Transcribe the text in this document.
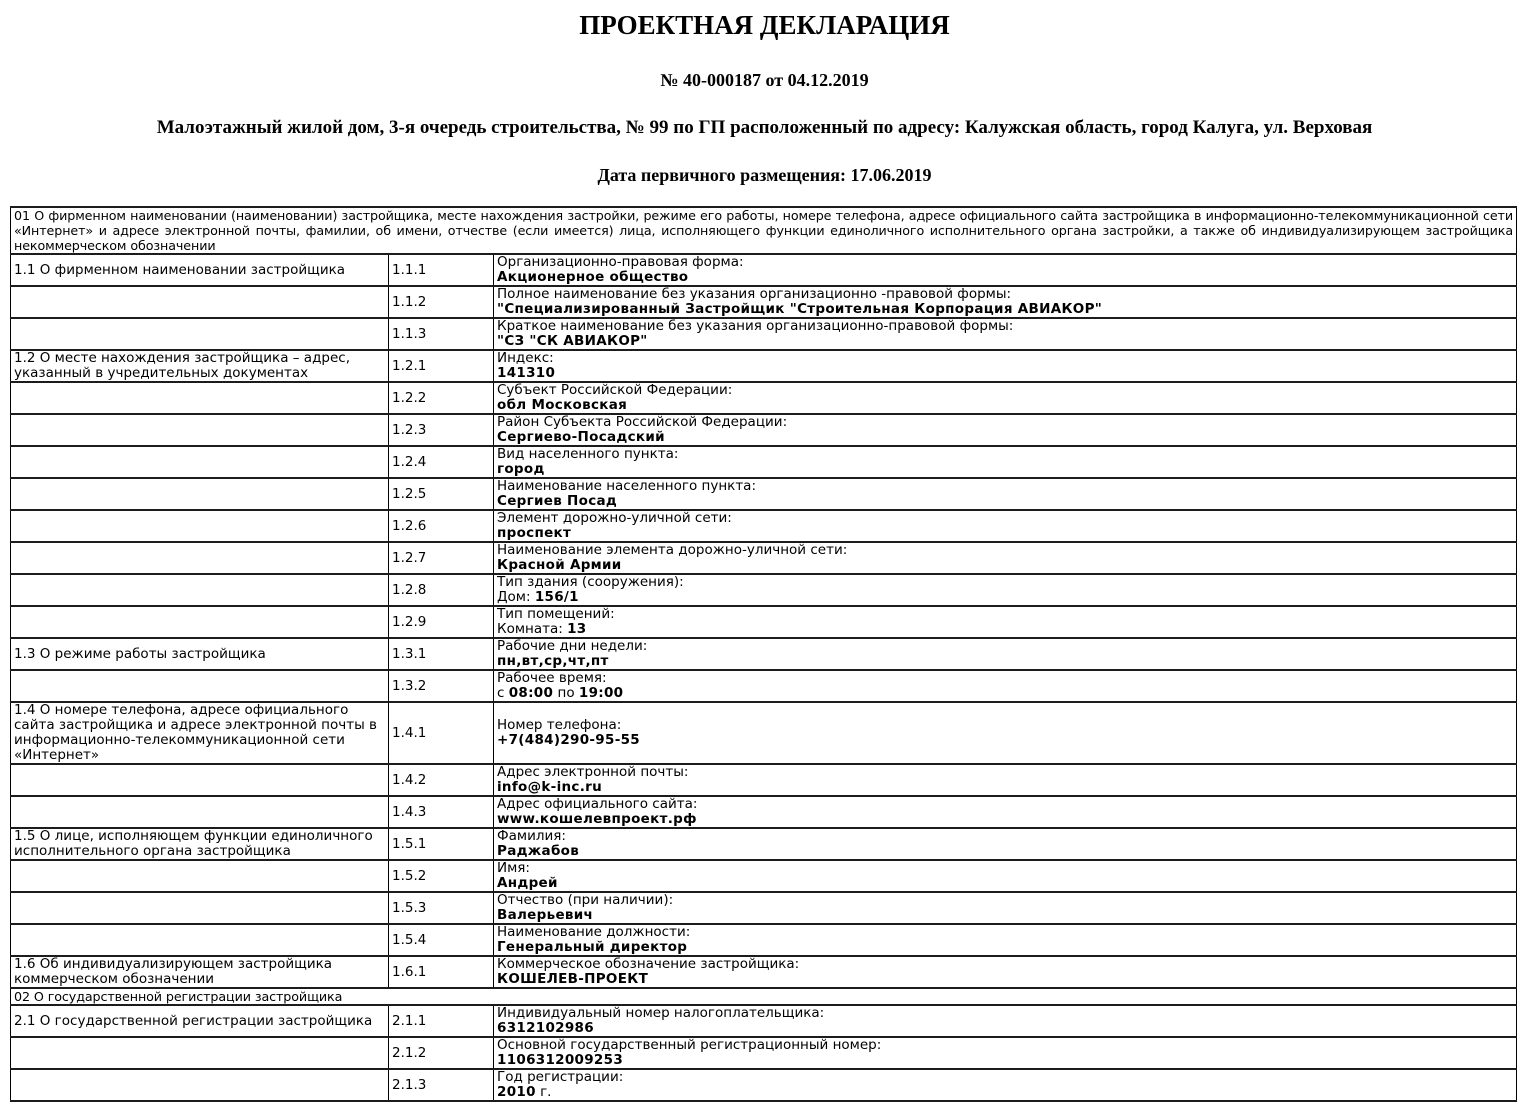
ПРОЕКТНАЯ ДЕКЛАРАЦИЯ
№ 40-000187 от 04.12.2019
Малоэтажный жилой дом, 3-я очередь строительства, № 99 по ГП расположенный по адресу: Калужская область, город Калуга, ул. Верховая
Дата первичного размещения: 17.06.2019
01 О фирменном наименовании (наименовании) застройщика, месте нахождения застройки, режиме его работы, номере телефона, адресе официального сайта застройщика в информационно-телекоммуникационной сети «Интернет» и адресе электронной почты, фамилии, об имени, отчестве (если имеется) лица, исполняющего функции единоличного исполнительного органа застройки, а также об индивидуализирующем застройщика некоммерческом обозначении		
1.1 О фирменном наименовании застройщика	1.1.1	Организационно-правовая форма:
Акционерное общество

	1.1.2	Полное наименование без указания организационно -правовой формы:
"Специализированный Застройщик "Строительная Корпорация АВИАКОР"

	1.1.3	Краткое наименование без указания организационно-правовой формы:
"СЗ "СК АВИАКОР"

1.2 О месте нахождения застройщика – адрес, указанный в учредительных документах	1.2.1	Индекс:
141310

	1.2.2	Субъект Российской Федерации:
обл Московская

	1.2.3	Район Субъекта Российской Федерации:
Сергиево-Посадский

	1.2.4	Вид населенного пункта:
город

	1.2.5	Наименование населенного пункта:
Сергиев Посад

	1.2.6	Элемент дорожно-уличной сети:
проспект

	1.2.7	Наименование элемента дорожно-уличной сети:
Красной Армии

	1.2.8	Тип здания (сооружения):
Дом: 156/1

	1.2.9	Тип помещений:
Комната: 13

1.3 О режиме работы застройщика	1.3.1	Рабочие дни недели:
пн,вт,ср,чт,пт

	1.3.2	Рабочее время:
с 08:00 по 19:00

1.4 О номере телефона, адресе официального сайта застройщика и адресе электронной почты в информационно-телекоммуникационной сети «Интернет»	1.4.1	Номер телефона:
+7(484)290-95-55

	1.4.2	Адрес электронной почты:
info@k-inc.ru

	1.4.3	Адрес официального сайта:
www.кошелевпроект.рф

1.5 О лице, исполняющем функции единоличного исполнительного органа застройщика	1.5.1	Фамилия:
Раджабов

	1.5.2	Имя:
Андрей

	1.5.3	Отчество (при наличии):
Валерьевич

	1.5.4	Наименование должности:
Генеральный директор

1.6 Об индивидуализирующем застройщика коммерческом обозначении	1.6.1	Коммерческое обозначение застройщика:
КОШЕЛЕВ-ПРОЕКТ

02 О государственной регистрации застройщика		
2.1 О государственной регистрации застройщика	2.1.1	Индивидуальный номер налогоплательщика:
6312102986

	2.1.2	Основной государственный регистрационный номер:
1106312009253

	2.1.3	Год регистрации:
2010 г.
